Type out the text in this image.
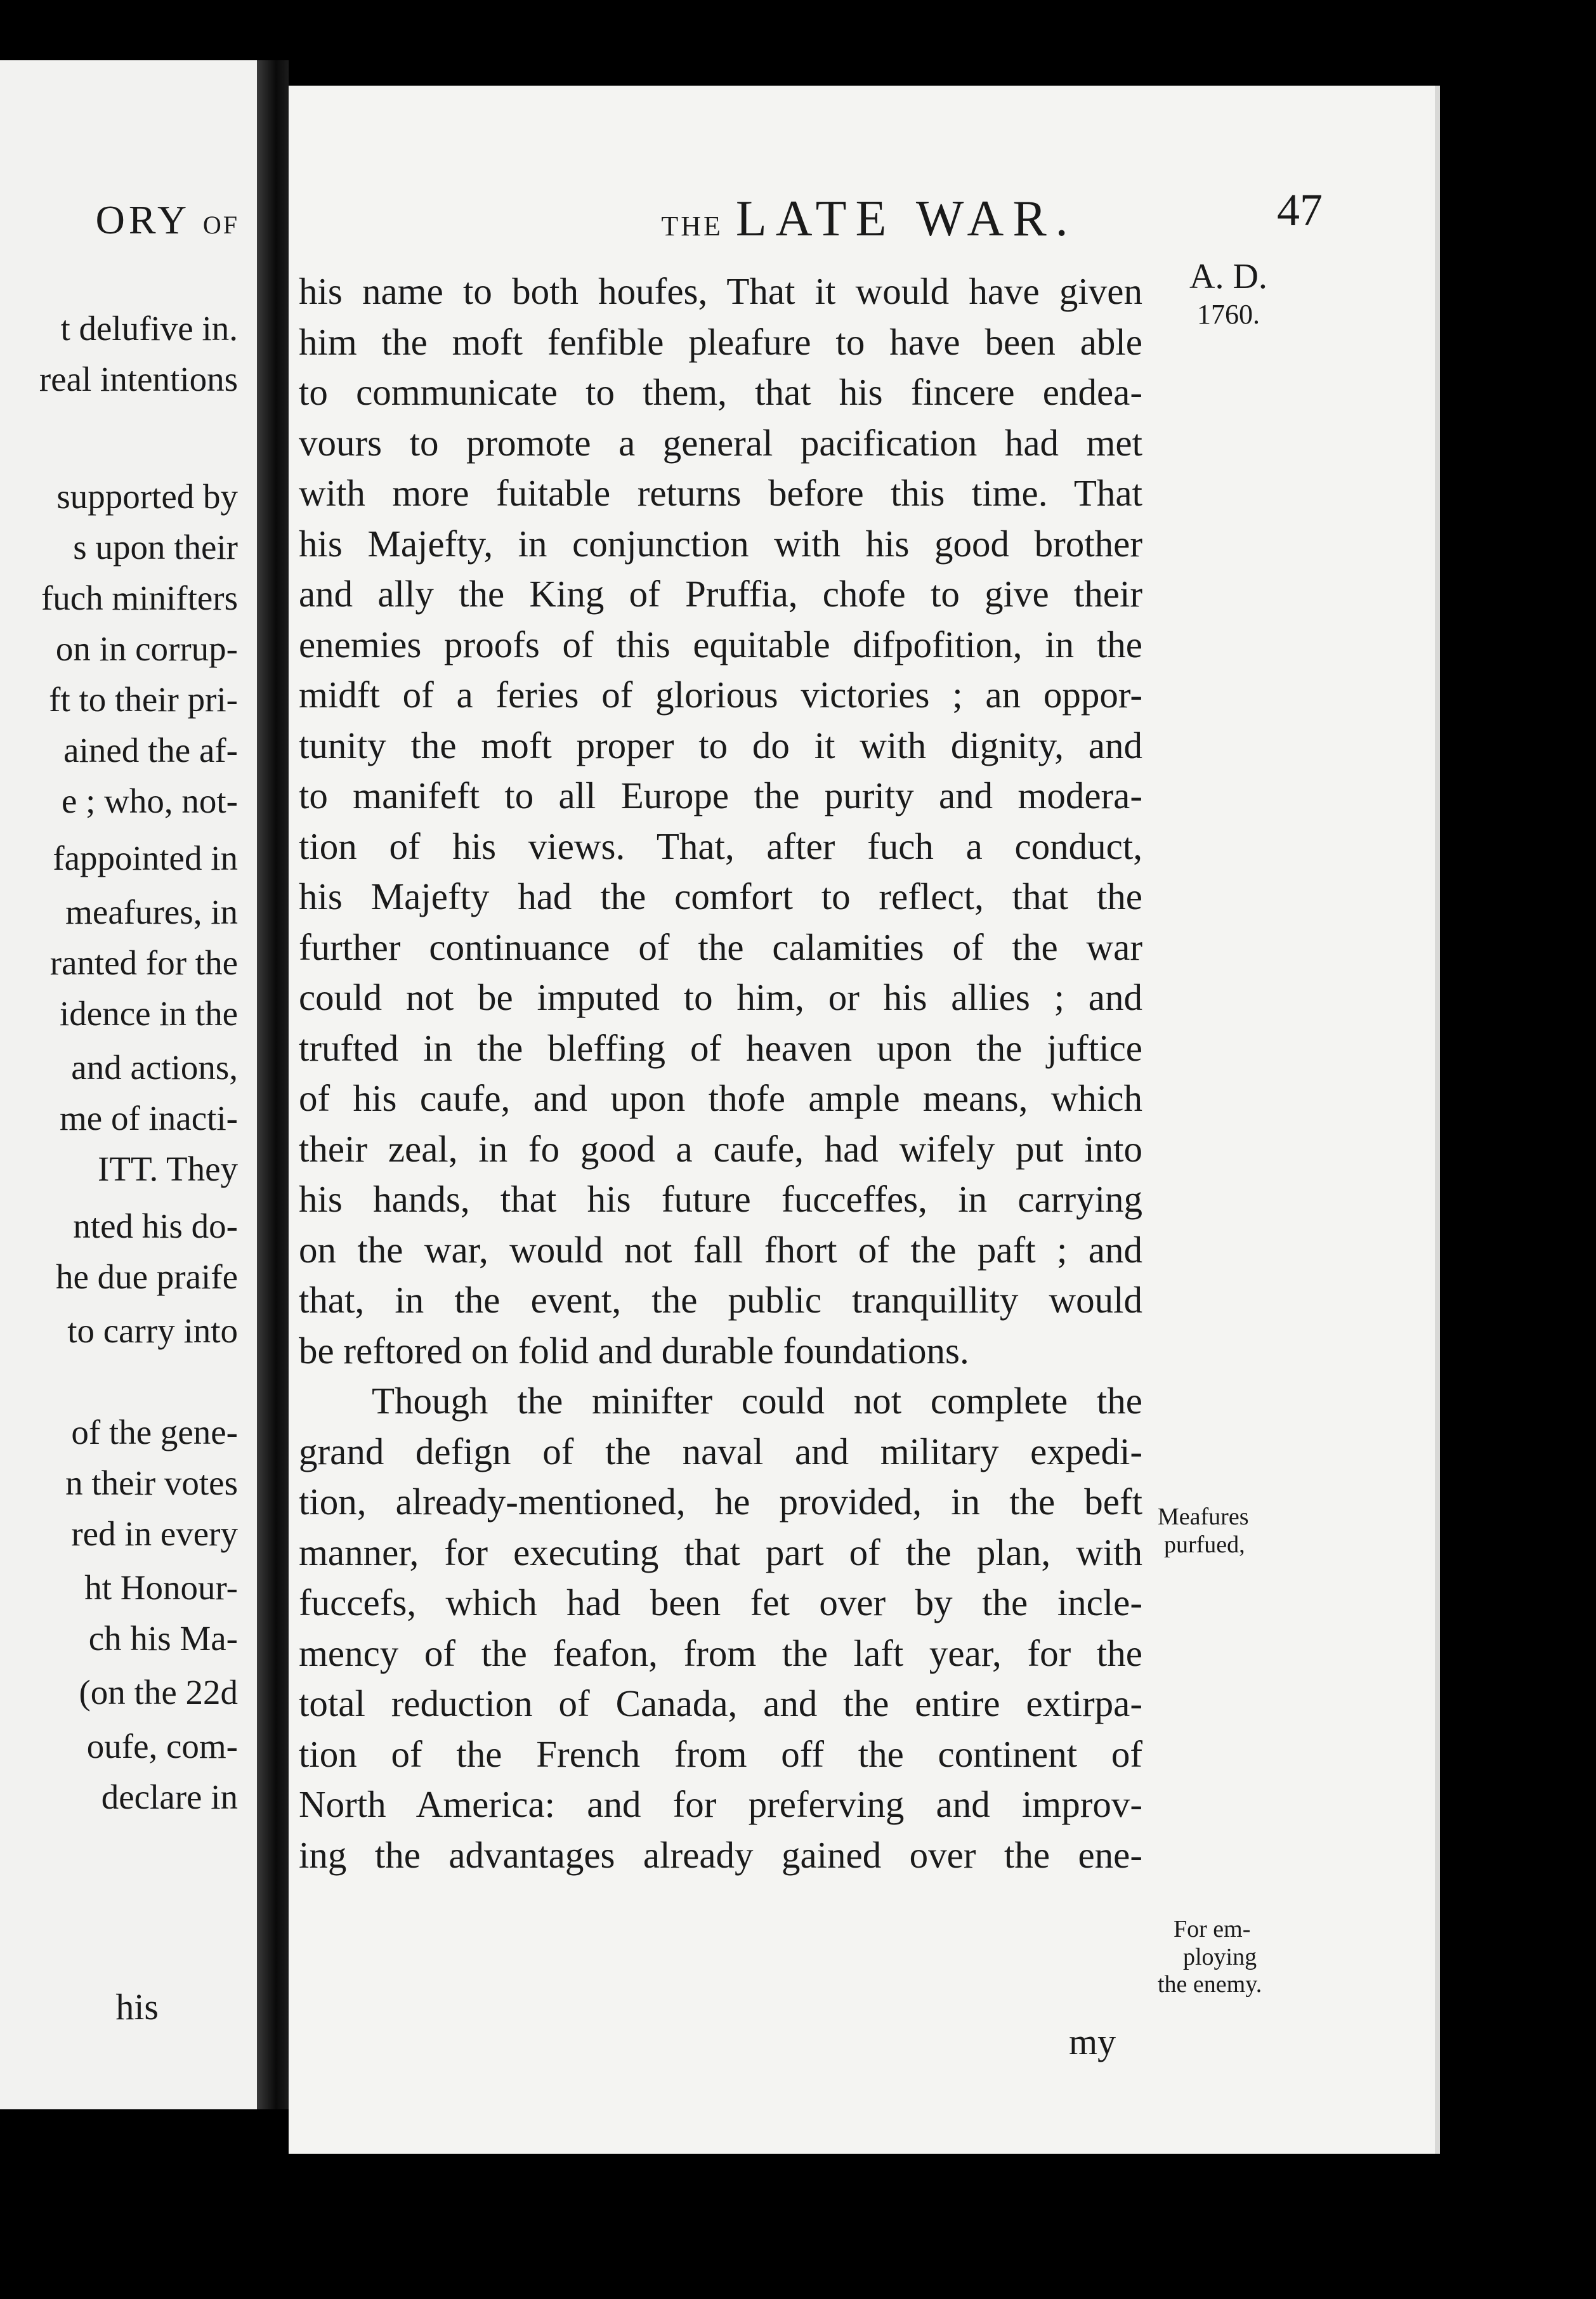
ORY OF
t delufive in.
real intentions
supported by
s upon their
fuch minifters
on in corrup-
ft to their pri-
ained the af-
e ; who, not-
fappointed in
meafures, in
ranted for the
idence in the
and actions,
me of inacti-
ITT. They
nted his do-
he due praife
to carry into
of the gene-
n their votes
red in every
ht Honour-
ch his Ma-
(on the 22d
oufe, com-
declare in
his
THE LATE WAR.	47
A. D.
1760.
his name to both houfes, That it would have given
him the moft fenfible pleafure to have been able
to communicate to them, that his fincere endea-
vours to promote a general pacification had met
with more fuitable returns before this time. That
his Majefty, in conjunction with his good brother
and ally the King of Pruffia, chofe to give their
enemies proofs of this equitable difpofition, in the
midft of a feries of glorious victories ; an oppor-
tunity the moft proper to do it with dignity, and
to manifeft to all Europe the purity and modera-
tion of his views. That, after fuch a conduct,
his Majefty had the comfort to reflect, that the
further continuance of the calamities of the war
could not be imputed to him, or his allies ; and
trufted in the bleffing of heaven upon the juftice
of his caufe, and upon thofe ample means, which
their zeal, in fo good a caufe, had wifely put into
his hands, that his future fucceffes, in carrying
on the war, would not fall fhort of the paft ; and
that, in the event, the public tranquillity would
be reftored on folid and durable foundations.
Though the minifter could not complete the
grand defign of the naval and military expedi-
tion, already-mentioned, he provided, in the beft
manner, for executing that part of the plan, with
fuccefs, which had been fet over by the incle-
mency of the feafon, from the laft year, for the
total reduction of Canada, and the entire extirpa-
tion of the French from off the continent of
North America: and for preferving and improv-
ing the advantages already gained over the ene-
Meafures
purfued,
For em-
ploying
the enemy.
my
